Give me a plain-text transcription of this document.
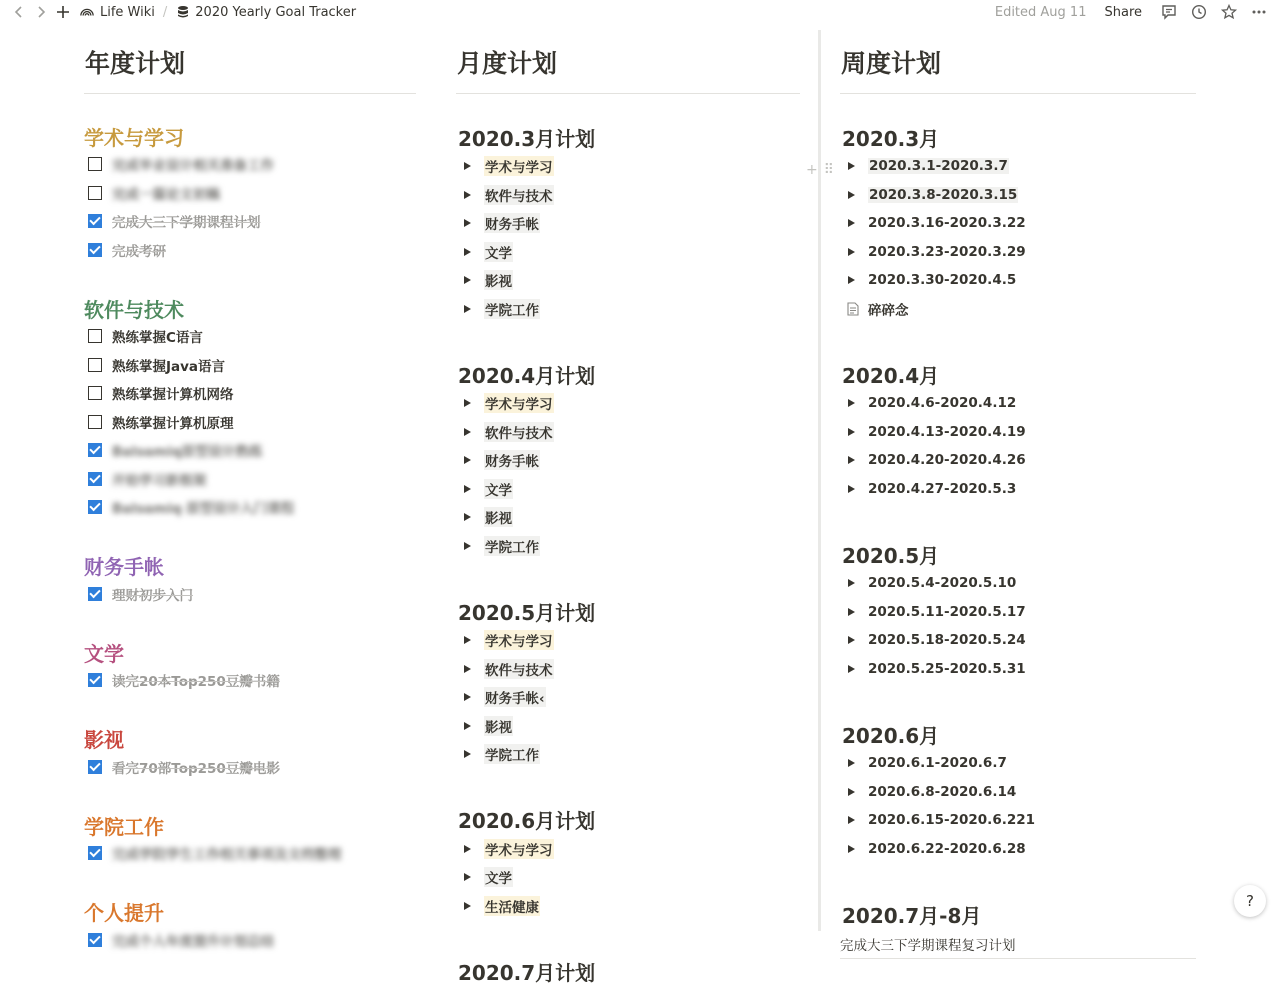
Life Wiki / 2020 Yearly Goal Tracker	Edited Aug 11 Share
年度计划
学术与学习
完成毕业设计相关准备工作
完成一篇论文初稿
完成大三下学期课程计划
完成考研
软件与技术
熟练掌握C语言
熟练掌握Java语言
熟练掌握计算机网络
熟练掌握计算机原理
Balsamiq原型设计熟练
开始学习新框架
Balsamiq 原型设计入门课程
财务手帐
理财初步入门
文学
读完20本Top250豆瓣书籍
影视
看完70部Top250豆瓣电影
学院工作
完成学院学生工作相关事项及文档整理
个人提升
完成个人年度提升计划总结
月度计划
2020.3月计划
学术与学习
软件与技术
财务手帐
文学
影视
学院工作
2020.4月计划
学术与学习
软件与技术
财务手帐
文学
影视
学院工作
2020.5月计划
学术与学习
软件与技术
财务手帐‹
影视
学院工作
2020.6月计划
学术与学习
文学
生活健康
2020.7月计划
周度计划
2020.3月
2020.3.1-2020.3.7
2020.3.8-2020.3.15
2020.3.16-2020.3.22
2020.3.23-2020.3.29
2020.3.30-2020.4.5
碎碎念
2020.4月
2020.4.6-2020.4.12
2020.4.13-2020.4.19
2020.4.20-2020.4.26
2020.4.27-2020.5.3
2020.5月
2020.5.4-2020.5.10
2020.5.11-2020.5.17
2020.5.18-2020.5.24
2020.5.25-2020.5.31
2020.6月
2020.6.1-2020.6.7
2020.6.8-2020.6.14
2020.6.15-2020.6.221
2020.6.22-2020.6.28
2020.7月-8月
完成大三下学期课程复习计划
+ ⠿
?
